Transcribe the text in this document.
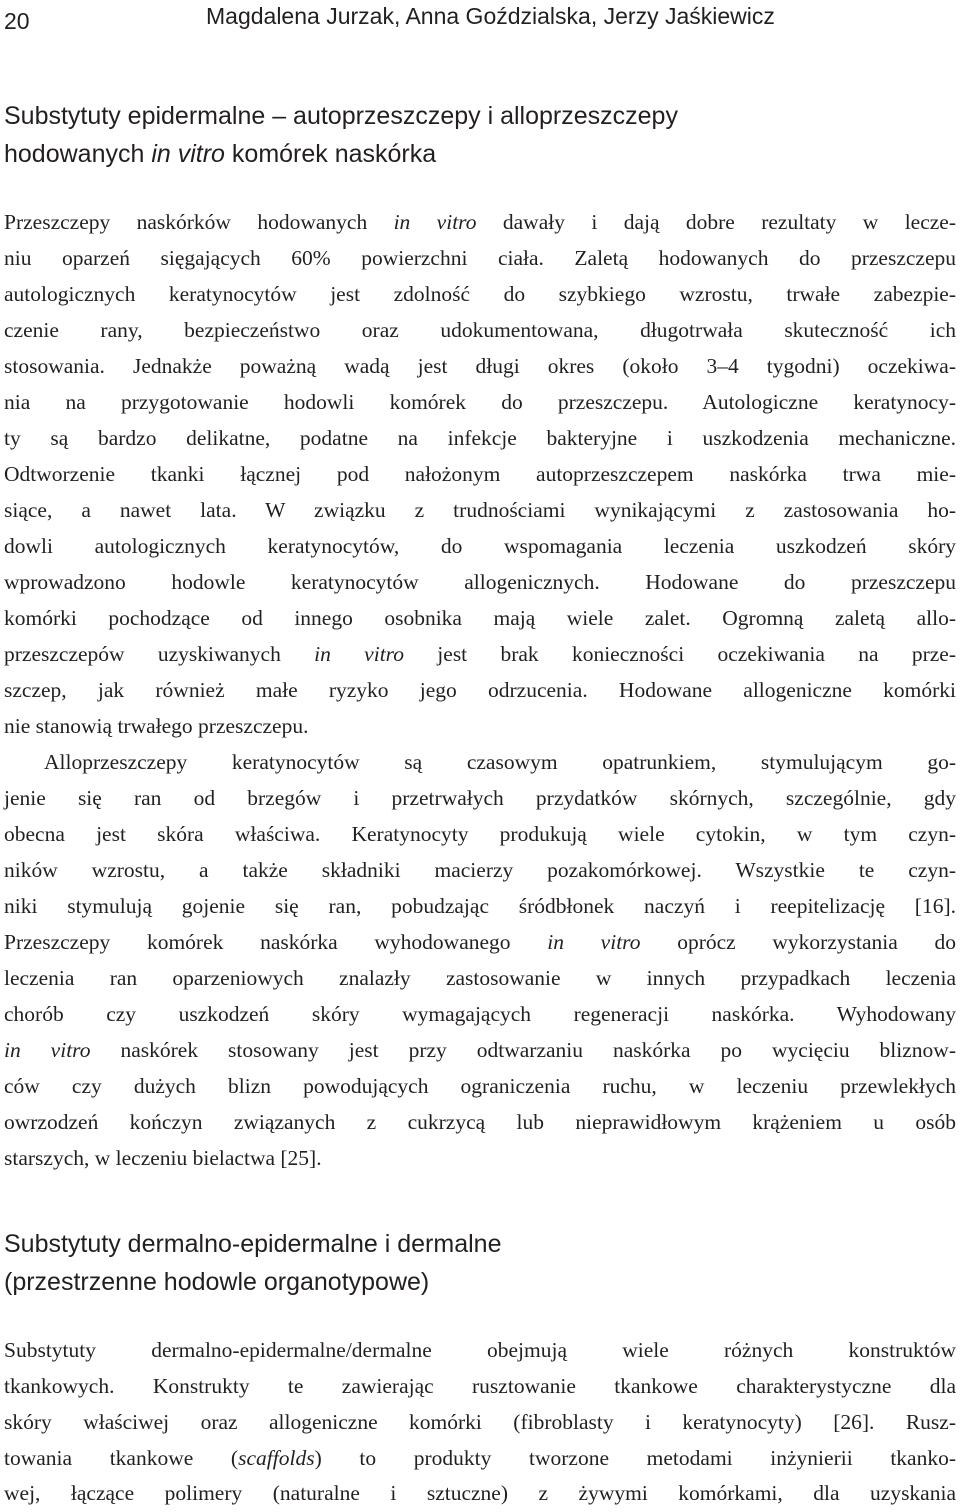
20	Magdalena Jurzak, Anna Goździalska, Jerzy Jaśkiewicz
Substytuty epidermalne – autoprzeszczepy i alloprzeszczepy
hodowanych in vitro komórek naskórka
Przeszczepy naskórków hodowanych in vitro dawały i dają dobre rezultaty w lecze-
niu oparzeń sięgających 60% powierzchni ciała. Zaletą hodowanych do przeszczepu
autologicznych keratynocytów jest zdolność do szybkiego wzrostu, trwałe zabezpie-
czenie rany, bezpieczeństwo oraz udokumentowana, długotrwała skuteczność ich
stosowania. Jednakże poważną wadą jest długi okres (około 3–4 tygodni) oczekiwa-
nia na przygotowanie hodowli komórek do przeszczepu. Autologiczne keratynocy-
ty są bardzo delikatne, podatne na infekcje bakteryjne i uszkodzenia mechaniczne.
Odtworzenie tkanki łącznej pod nałożonym autoprzeszczepem naskórka trwa mie-
siące, a nawet lata. W związku z trudnościami wynikającymi z zastosowania ho-
dowli autologicznych keratynocytów, do wspomagania leczenia uszkodzeń skóry
wprowadzono hodowle keratynocytów allogenicznych. Hodowane do przeszczepu
komórki pochodzące od innego osobnika mają wiele zalet. Ogromną zaletą allo-
przeszczepów uzyskiwanych in vitro jest brak konieczności oczekiwania na prze-
szczep, jak również małe ryzyko jego odrzucenia. Hodowane allogeniczne komórki
nie stanowią trwałego przeszczepu.
Alloprzeszczepy keratynocytów są czasowym opatrunkiem, stymulującym go-
jenie się ran od brzegów i przetrwałych przydatków skórnych, szczególnie, gdy
obecna jest skóra właściwa. Keratynocyty produkują wiele cytokin, w tym czyn-
ników wzrostu, a także składniki macierzy pozakomórkowej. Wszystkie te czyn-
niki stymulują gojenie się ran, pobudzając śródbłonek naczyń i reepitelizację [16].
Przeszczepy komórek naskórka wyhodowanego in vitro oprócz wykorzystania do
leczenia ran oparzeniowych znalazły zastosowanie w innych przypadkach leczenia
chorób czy uszkodzeń skóry wymagających regeneracji naskórka. Wyhodowany
in vitro naskórek stosowany jest przy odtwarzaniu naskórka po wycięciu bliznow-
ców czy dużych blizn powodujących ograniczenia ruchu, w leczeniu przewlekłych
owrzodzeń kończyn związanych z cukrzycą lub nieprawidłowym krążeniem u osób
starszych, w leczeniu bielactwa [25].
Substytuty dermalno-epidermalne i dermalne
(przestrzenne hodowle organotypowe)
Substytuty dermalno-epidermalne/dermalne obejmują wiele różnych konstruktów
tkankowych. Konstrukty te zawierając rusztowanie tkankowe charakterystyczne dla
skóry właściwej oraz allogeniczne komórki (fibroblasty i keratynocyty) [26]. Rusz-
towania tkankowe (scaffolds) to produkty tworzone metodami inżynierii tkanko-
wej, łączące polimery (naturalne i sztuczne) z żywymi komórkami, dla uzyskania
